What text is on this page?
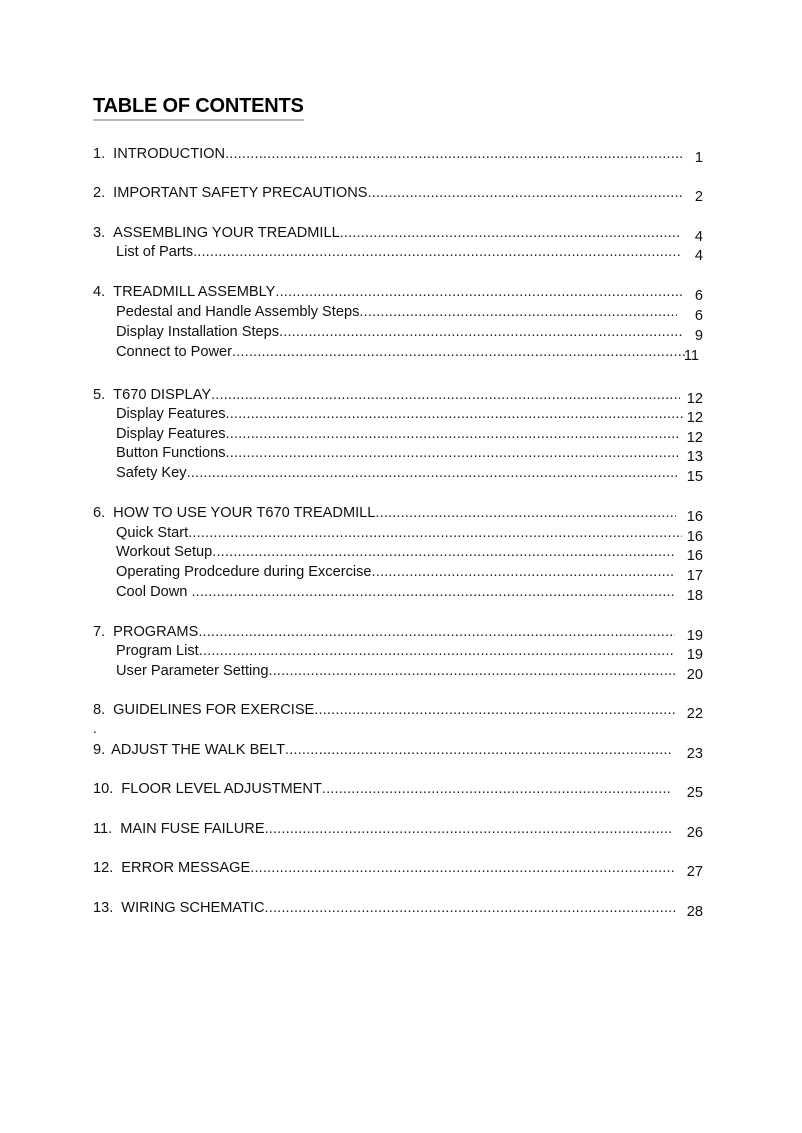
TABLE OF CONTENTS
1. INTRODUCTION .....	1
2. IMPORTANT SAFETY PRECAUTIONS .....	2
3. ASSEMBLING YOUR TREADMILL .....	4
List of Parts .....	4
4. TREADMILL ASSEMBLY .....	6
Pedestal and Handle Assembly Steps .....	6
Display Installation Steps .....	9
Connect to Power .....	11
5. T670 DISPLAY .....	12
Display Features .....	12
Display Features .....	12
Button Functions .....	13
Safety Key .....	15
6. HOW TO USE YOUR T670 TREADMILL .....	16
Quick Start .....	16
Workout Setup .....	16
Operating Prodcedure during Excercise .....	17
Cool Down .....	18
7. PROGRAMS .....	19
Program List .....	19
User Parameter Setting .....	20
8. GUIDELINES FOR EXERCISE .....	22
.
9. ADJUST THE WALK BELT .....	23
10. FLOOR LEVEL ADJUSTMENT .....	25
11. MAIN FUSE FAILURE .....	26
12. ERROR MESSAGE .....	27
13. WIRING SCHEMATIC .....	28
